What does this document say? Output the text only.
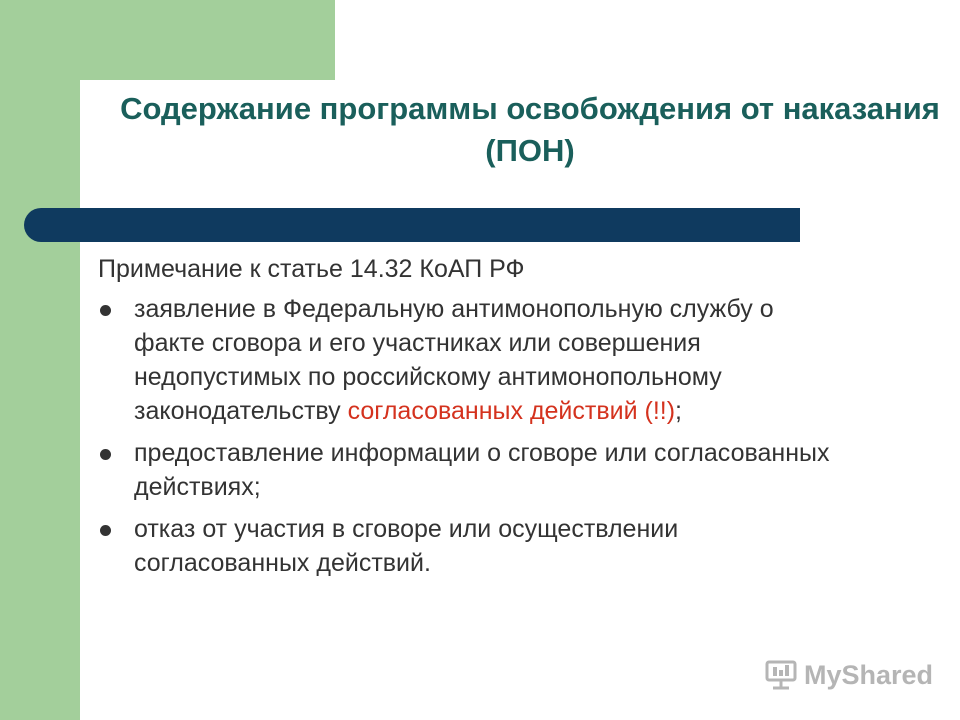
Содержание программы освобождения от наказания (ПОН)
Примечание к статье 14.32 КоАП РФ
заявление в Федеральную антимонопольную службу о факте сговора и его участниках или совершения недопустимых по российскому антимонопольному законодательству согласованных действий (!!);
предоставление информации о сговоре или согласованных действиях;
отказ от участия в сговоре или осуществлении согласованных действий.
MyShared
